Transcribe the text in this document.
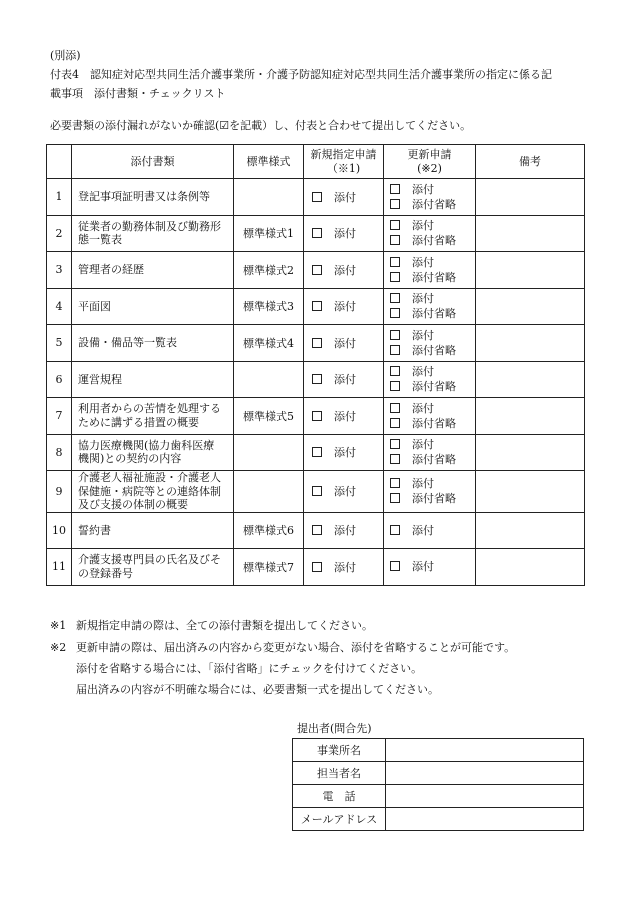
(別添)
付表4　認知症対応型共同生活介護事業所・介護予防認知症対応型共同生活介護事業所の指定に係る記
載事項　添付書類・チェックリスト
必要書類の添付漏れがないか確認(☑を記載）し、付表と合わせて提出してください。
	添付書類	標準様式	新規指定申請
（※1)	更新申請
(※2)	備考
1	登記事項証明書又は条例等		添付	添付
添付省略	
2	従業者の勤務体制及び勤務形
態一覧表	標準様式1	添付	添付
添付省略	
3	管理者の経歴	標準様式2	添付	添付
添付省略	
4	平面図	標準様式3	添付	添付
添付省略	
5	設備・備品等一覧表	標準様式4	添付	添付
添付省略	
6	運営規程		添付	添付
添付省略	
7	利用者からの苦情を処理する
ために講ずる措置の概要	標準様式5	添付	添付
添付省略	
8	協力医療機関(協力歯科医療
機関)との契約の内容		添付	添付
添付省略	
9	介護老人福祉施設・介護老人
保健施・病院等との連絡体制
及び支援の体制の概要		添付	添付
添付省略	
10	誓約書	標準様式6	添付	添付	
11	介護支援専門員の氏名及びそ
の登録番号	標準様式7	添付	添付	
※1 新規指定申請の際は、全ての添付書類を提出してください。
※2 更新申請の際は、届出済みの内容から変更がない場合、添付を省略することが可能です。
添付を省略する場合には、「添付省略」にチェックを付けてください。
届出済みの内容が不明確な場合には、必要書類一式を提出してください。
提出者(問合先)
事業所名	
担当者名	
電　話	
メールアドレス	
